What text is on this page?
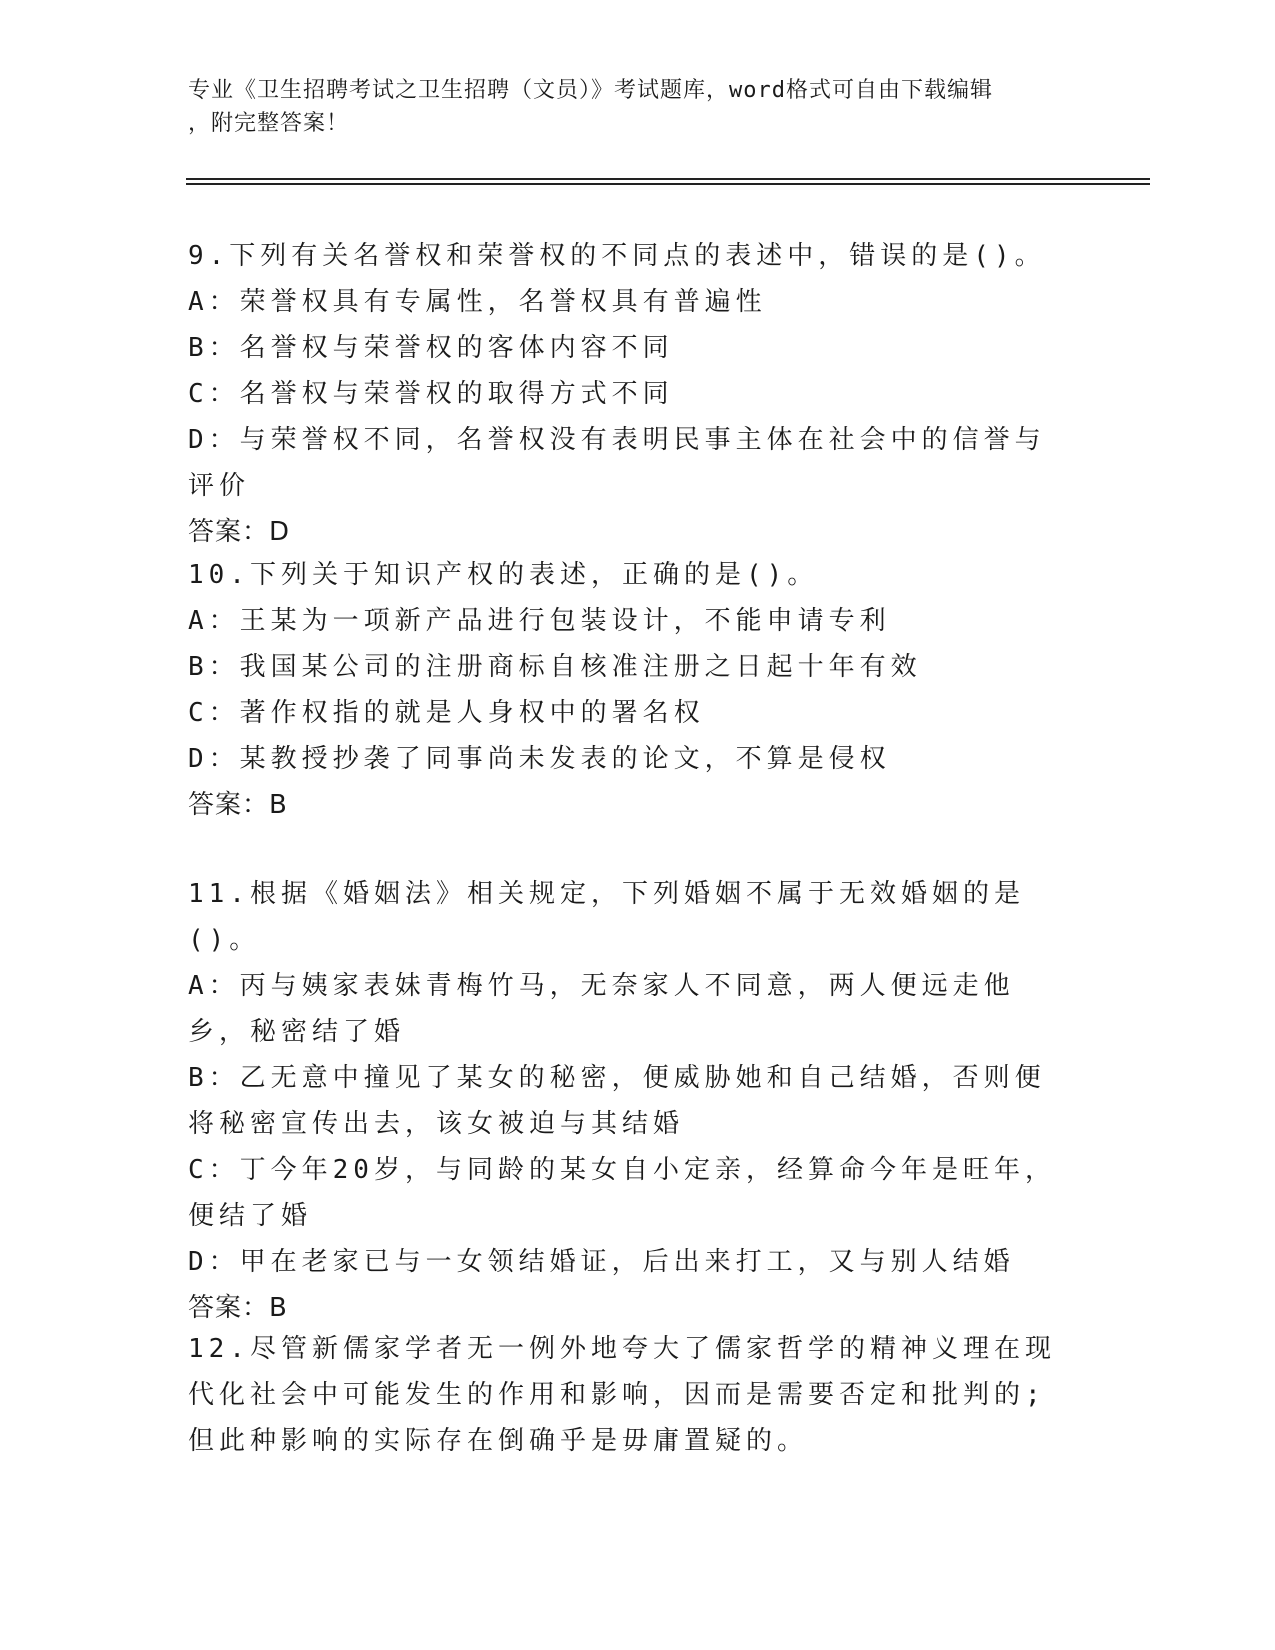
专业《卫生招聘考试之卫生招聘（文员）》考试题库，word格式可自由下载编辑
，附完整答案！

9.下列有关名誉权和荣誉权的不同点的表述中，错误的是()。

A：荣誉权具有专属性，名誉权具有普遍性

B：名誉权与荣誉权的客体内容不同

C：名誉权与荣誉权的取得方式不同

D：与荣誉权不同，名誉权没有表明民事主体在社会中的信誉与评价

答案：D

10.下列关于知识产权的表述，正确的是()。

A：王某为一项新产品进行包装设计，不能申请专利

B：我国某公司的注册商标自核准注册之日起十年有效

C：著作权指的就是人身权中的署名权

D：某教授抄袭了同事尚未发表的论文，不算是侵权

答案：B

11.根据《婚姻法》相关规定，下列婚姻不属于无效婚姻的是()。

A：丙与姨家表妹青梅竹马，无奈家人不同意，两人便远走他乡，秘密结了婚

B：乙无意中撞见了某女的秘密，便威胁她和自己结婚，否则便将秘密宣传出去，该女被迫与其结婚

C：丁今年20岁，与同龄的某女自小定亲，经算命今年是旺年，便结了婚

D：甲在老家已与一女领结婚证，后出来打工，又与别人结婚

答案：B

12.尽管新儒家学者无一例外地夸大了儒家哲学的精神义理在现代化社会中可能发生的作用和影响，因而是需要否定和批判的;但此种影响的实际存在倒确乎是毋庸置疑的。
